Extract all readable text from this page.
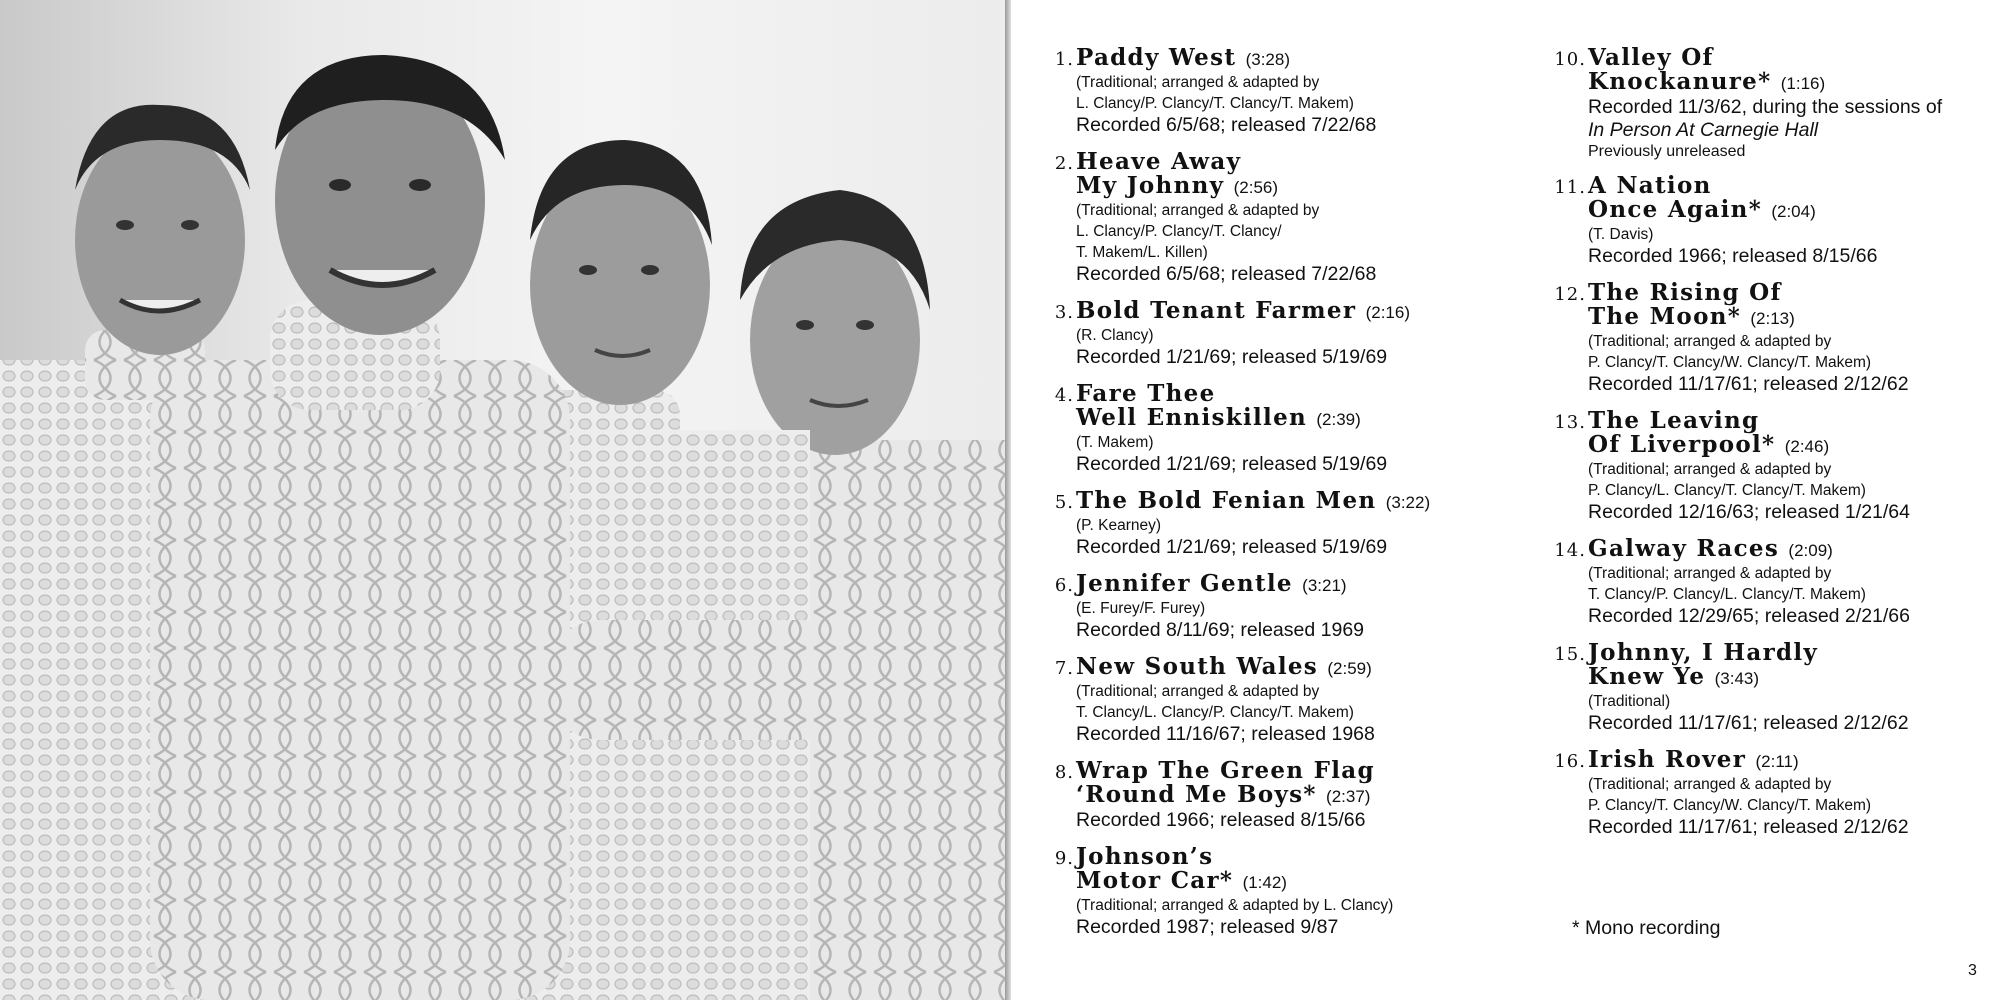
1. Paddy West (3:28)
(Traditional; arranged & adapted by
L. Clancy/P. Clancy/T. Clancy/T. Makem)
Recorded 6/5/68; released 7/22/68
2. Heave Away
My Johnny (2:56)
(Traditional; arranged & adapted by
L. Clancy/P. Clancy/T. Clancy/
T. Makem/L. Killen)
Recorded 6/5/68; released 7/22/68
3. Bold Tenant Farmer (2:16)
(R. Clancy)
Recorded 1/21/69; released 5/19/69
4. Fare Thee
Well Enniskillen (2:39)
(T. Makem)
Recorded 1/21/69; released 5/19/69
5. The Bold Fenian Men (3:22)
(P. Kearney)
Recorded 1/21/69; released 5/19/69
6. Jennifer Gentle (3:21)
(E. Furey/F. Furey)
Recorded 8/11/69; released 1969
7. New South Wales (2:59)
(Traditional; arranged & adapted by
T. Clancy/L. Clancy/P. Clancy/T. Makem)
Recorded 11/16/67; released 1968
8. Wrap The Green Flag
‘Round Me Boys* (2:37)
Recorded 1966; released 8/15/66
9. Johnson’s
Motor Car* (1:42)
(Traditional; arranged & adapted by L. Clancy)
Recorded 1987; released 9/87
10. Valley Of
Knockanure* (1:16)
Recorded 11/3/62, during the sessions of
In Person At Carnegie Hall
Previously unreleased
11. A Nation
Once Again* (2:04)
(T. Davis)
Recorded 1966; released 8/15/66
12. The Rising Of
The Moon* (2:13)
(Traditional; arranged & adapted by
P. Clancy/T. Clancy/W. Clancy/T. Makem)
Recorded 11/17/61; released 2/12/62
13. The Leaving
Of Liverpool* (2:46)
(Traditional; arranged & adapted by
P. Clancy/L. Clancy/T. Clancy/T. Makem)
Recorded 12/16/63; released 1/21/64
14. Galway Races (2:09)
(Traditional; arranged & adapted by
T. Clancy/P. Clancy/L. Clancy/T. Makem)
Recorded 12/29/65; released 2/21/66
15. Johnny, I Hardly
Knew Ye (3:43)
(Traditional)
Recorded 11/17/61; released 2/12/62
16. Irish Rover (2:11)
(Traditional; arranged & adapted by
P. Clancy/T. Clancy/W. Clancy/T. Makem)
Recorded 11/17/61; released 2/12/62
* Mono recording
3
